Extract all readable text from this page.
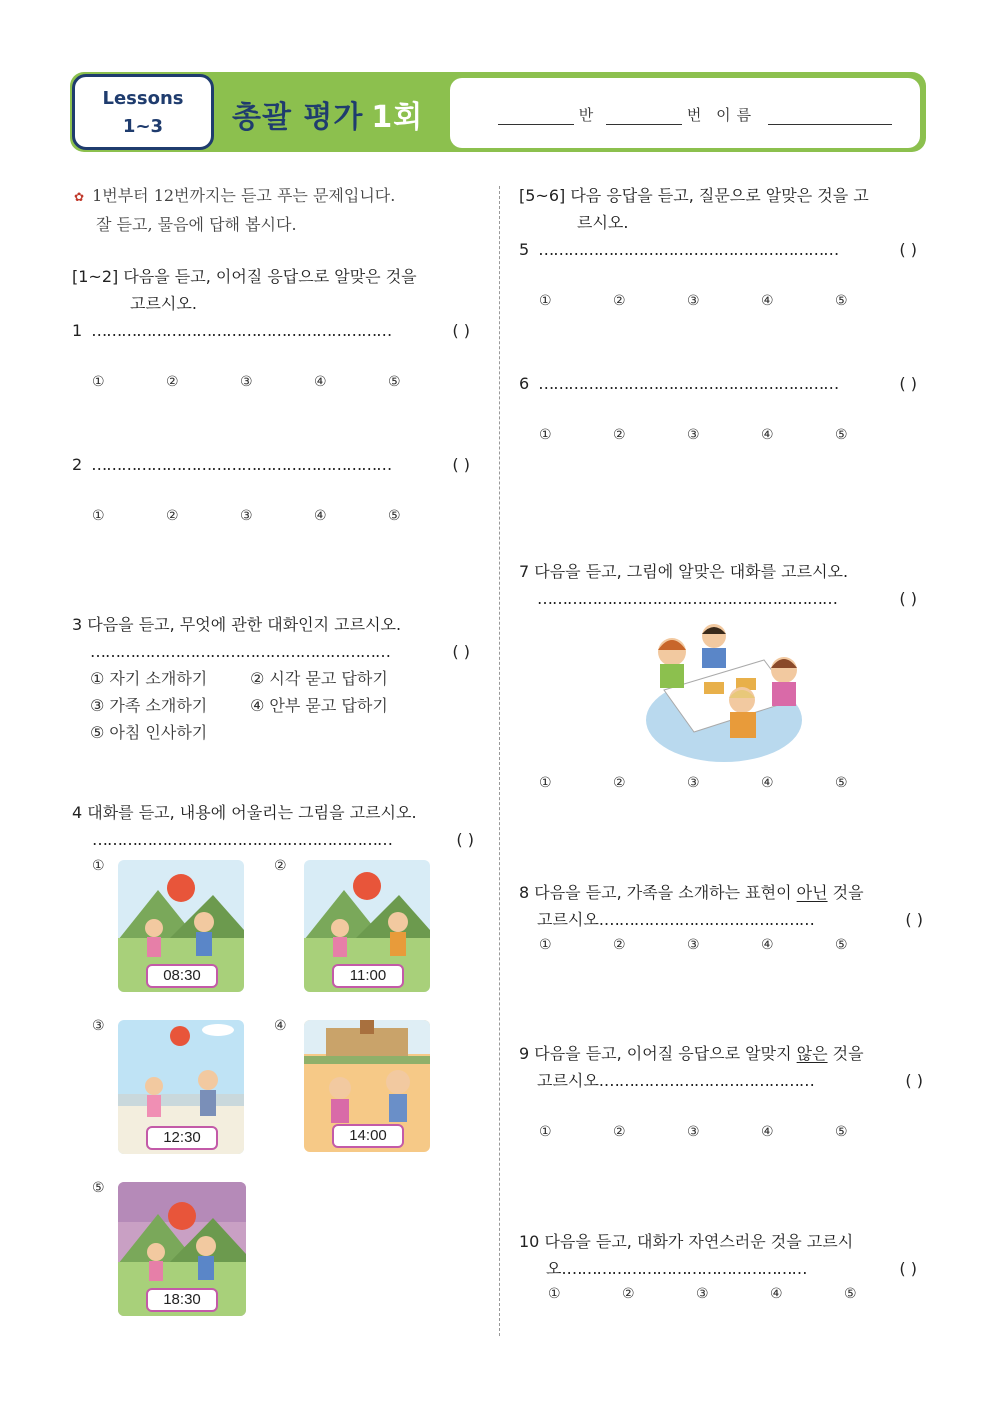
Lessons
1~3	총괄 평가 1회	반	번 이름
✿ 1번부터 12번까지는 듣고 푸는 문제입니다.
잘 듣고, 물음에 답해 봅시다.
[1~2] 다음을 듣고, 이어질 응답으로 알맞은 것을
고르시오.
1 ……………………………………………………	( )
①	②	③	④	⑤
2 ……………………………………………………	( )
①	②	③	④	⑤
3 다음을 듣고, 무엇에 관한 대화인지 고르시오.
……………………………………………………	( )
① 자기 소개하기	② 시각 묻고 답하기
③ 가족 소개하기	④ 안부 묻고 답하기
⑤ 아침 인사하기
4 대화를 듣고, 내용에 어울리는 그림을 고르시오.
……………………………………………………	( )
①
08:30
②
11:00
③
12:30
④
14:00
⑤
18:30
[5~6] 다음 응답을 듣고, 질문으로 알맞은 것을 고
르시오.
5 ……………………………………………………	( )
①	②	③	④	⑤
6 ……………………………………………………	( )
①	②	③	④	⑤
7 다음을 듣고, 그림에 알맞은 대화를 고르시오.
……………………………………………………	( )
①	②	③	④	⑤
8 다음을 듣고, 가족을 소개하는 표현이 아닌 것을
고르시오.……………………………………	( )
①	②	③	④	⑤
9 다음을 듣고, 이어질 응답으로 알맞지 않은 것을
고르시오.……………………………………	( )
①	②	③	④	⑤
10 다음을 듣고, 대화가 자연스러운 것을 고르시
오.…………………………………………	( )
①	②	③	④	⑤
